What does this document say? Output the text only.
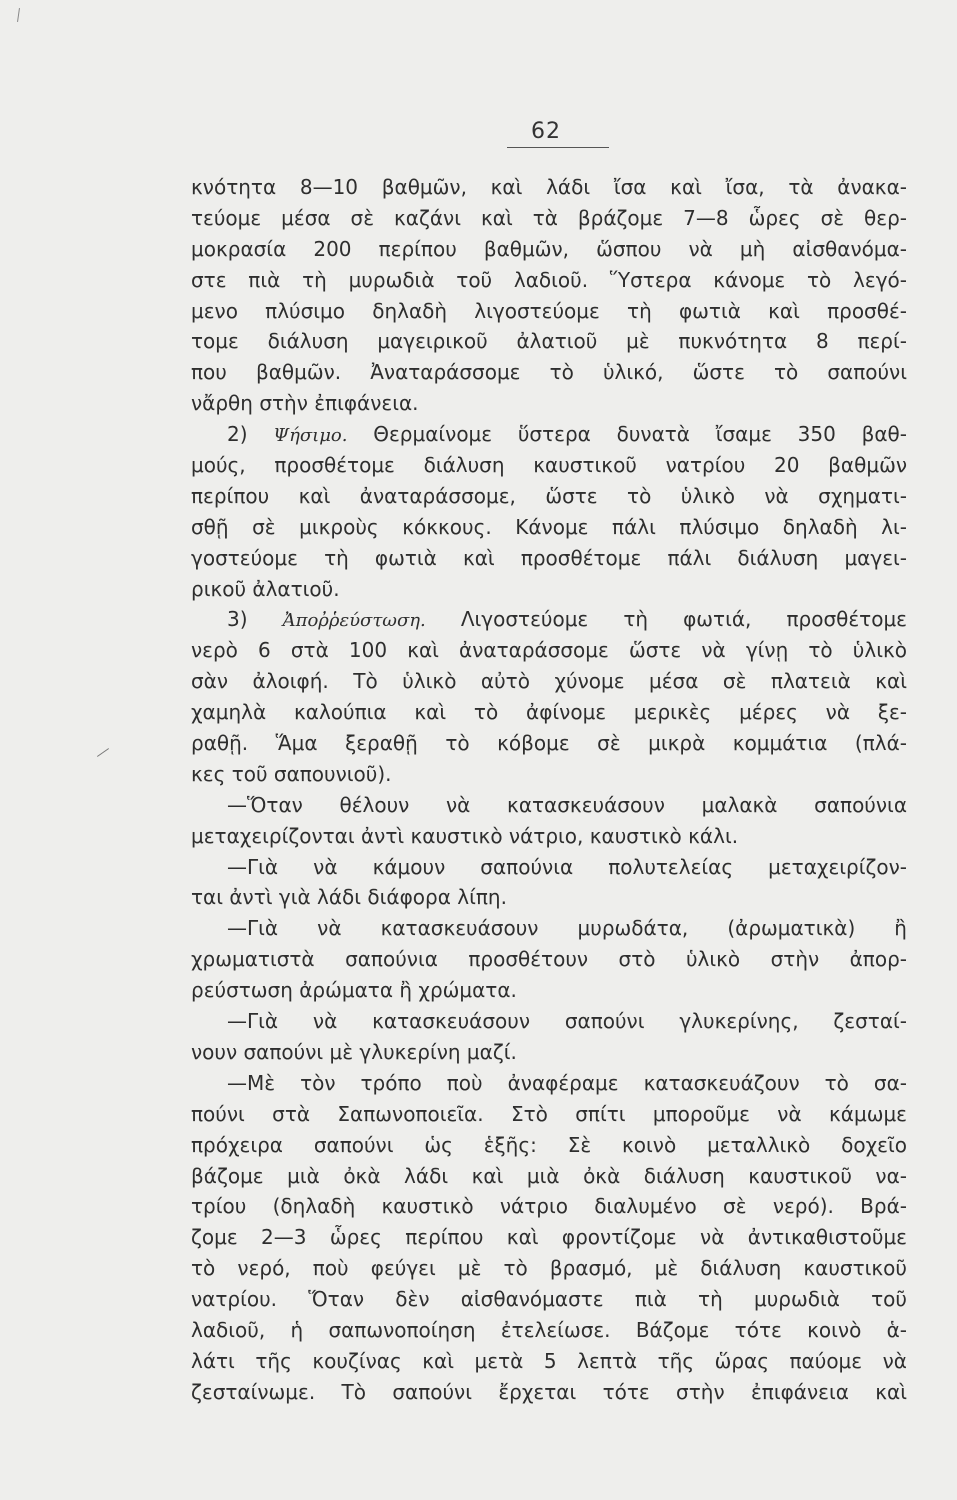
62
κνότητα 8—10 βαθμῶν, καὶ λάδι ἴσα καὶ ἴσα, τὰ ἀνακα-
τεύομε μέσα σὲ καζάνι καὶ τὰ βράζομε 7—8 ὧρες σὲ θερ-
μοκρασία 200 περίπου βαθμῶν, ὥσπου νὰ μὴ αἰσθανόμα-
στε πιὰ τὴ μυρωδιὰ τοῦ λαδιοῦ. Ὕστερα κάνομε τὸ λεγό-
μενο πλύσιμο δηλαδὴ λιγοστεύομε τὴ φωτιὰ καὶ προσθέ-
τομε διάλυση μαγειρικοῦ ἀλατιοῦ μὲ πυκνότητα 8 περί-
που βαθμῶν. Ἀναταράσσομε τὸ ὑλικό, ὥστε τὸ σαπούνι
νἄρθη στὴν ἐπιφάνεια.
2) Ψήσιμο. Θερμαίνομε ὕστερα δυνατὰ ἴσαμε 350 βαθ-
μούς, προσθέτομε διάλυση καυστικοῦ νατρίου 20 βαθμῶν
περίπου καὶ ἀναταράσσομε, ὥστε τὸ ὑλικὸ νὰ σχηματι-
σθῇ σὲ μικροὺς κόκκους. Κάνομε πάλι πλύσιμο δηλαδὴ λι-
γοστεύομε τὴ φωτιὰ καὶ προσθέτομε πάλι διάλυση μαγει-
ρικοῦ ἀλατιοῦ.
3) Ἀποῤῥεύστωση. Λιγοστεύομε τὴ φωτιά, προσθέτομε
νερὸ 6 στὰ 100 καὶ ἀναταράσσομε ὥστε νὰ γίνῃ τὸ ὑλικὸ
σὰν ἀλοιφή. Τὸ ὑλικὸ αὐτὸ χύνομε μέσα σὲ πλατειὰ καὶ
χαμηλὰ καλούπια καὶ τὸ ἀφίνομε μερικὲς μέρες νὰ ξε-
ραθῇ. Ἅμα ξεραθῇ τὸ κόβομε σὲ μικρὰ κομμάτια (πλά-
κες τοῦ σαπουνιοῦ).
—Ὅταν θέλουν νὰ κατασκευάσουν μαλακὰ σαπούνια
μεταχειρίζονται ἀντὶ καυστικὸ νάτριο, καυστικὸ κάλι.
—Γιὰ νὰ κάμουν σαπούνια πολυτελείας μεταχειρίζον-
ται ἀντὶ γιὰ λάδι διάφορα λίπη.
—Γιὰ νὰ κατασκευάσουν μυρωδάτα, (ἀρωματικὰ) ἢ
χρωματιστὰ σαπούνια προσθέτουν στὸ ὑλικὸ στὴν ἀπορ-
ρεύστωση ἀρώματα ἢ χρώματα.
—Γιὰ νὰ κατασκευάσουν σαπούνι γλυκερίνης, ζεσταί-
νουν σαπούνι μὲ γλυκερίνη μαζί.
—Μὲ τὸν τρόπο ποὺ ἀναφέραμε κατασκευάζουν τὸ σα-
πούνι στὰ Σαπωνοποιεῖα. Στὸ σπίτι μποροῦμε νὰ κάμωμε
πρόχειρα σαπούνι ὡς ἑξῆς: Σὲ κοινὸ μεταλλικὸ δοχεῖο
βάζομε μιὰ ὀκὰ λάδι καὶ μιὰ ὀκὰ διάλυση καυστικοῦ να-
τρίου (δηλαδὴ καυστικὸ νάτριο διαλυμένο σὲ νερό). Βρά-
ζομε 2—3 ὧρες περίπου καὶ φροντίζομε νὰ ἀντικαθιστοῦμε
τὸ νερό, ποὺ φεύγει μὲ τὸ βρασμό, μὲ διάλυση καυστικοῦ
νατρίου. Ὅταν δὲν αἰσθανόμαστε πιὰ τὴ μυρωδιὰ τοῦ
λαδιοῦ, ἡ σαπωνοποίηση ἐτελείωσε. Βάζομε τότε κοινὸ ἁ-
λάτι τῆς κουζίνας καὶ μετὰ 5 λεπτὰ τῆς ὥρας παύομε νὰ
ζεσταίνωμε. Τὸ σαπούνι ἔρχεται τότε στὴν ἐπιφάνεια καὶ
